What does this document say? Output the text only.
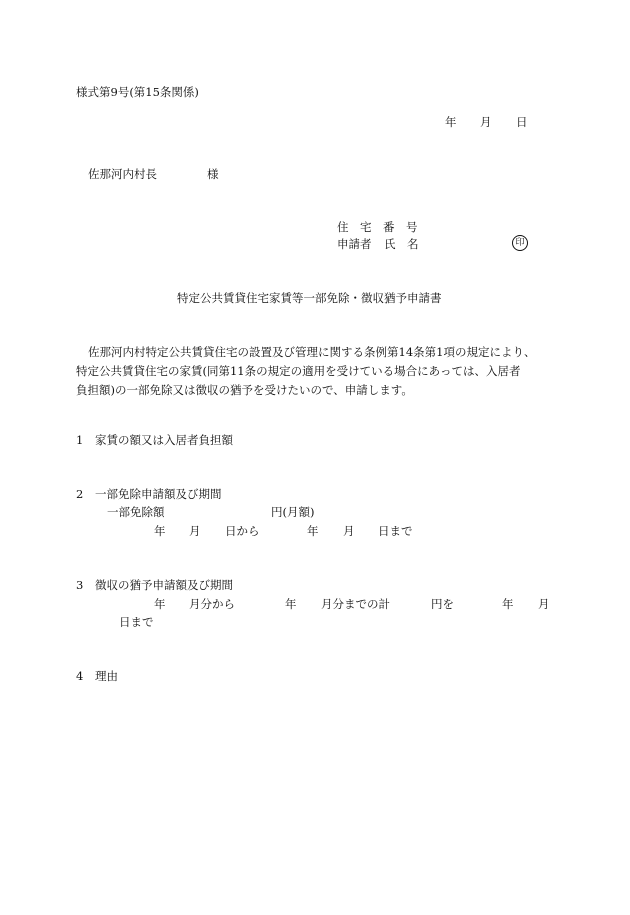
様式第9号(第15条関係)
年 月 日
佐那河内村長	様
住　宅　番　号
申請者 氏　名	印
特定公共賃貸住宅家賃等一部免除・徴収猶予申請書
佐那河内村特定公共賃貸住宅の設置及び管理に関する条例第14条第1項の規定により、
特定公共賃貸住宅の家賃(同第11条の規定の適用を受けている場合にあっては、入居者
負担額)の一部免除又は徴収の猶予を受けたいので、申請します。
1 家賃の額又は入居者負担額
2 一部免除申請額及び期間
一部免除額	円(月額)
年 月 日から	年 月 日まで
3 徴収の猶予申請額及び期間
年 月分から	年 月分までの計	円を	年 月
日まで
4 理由
